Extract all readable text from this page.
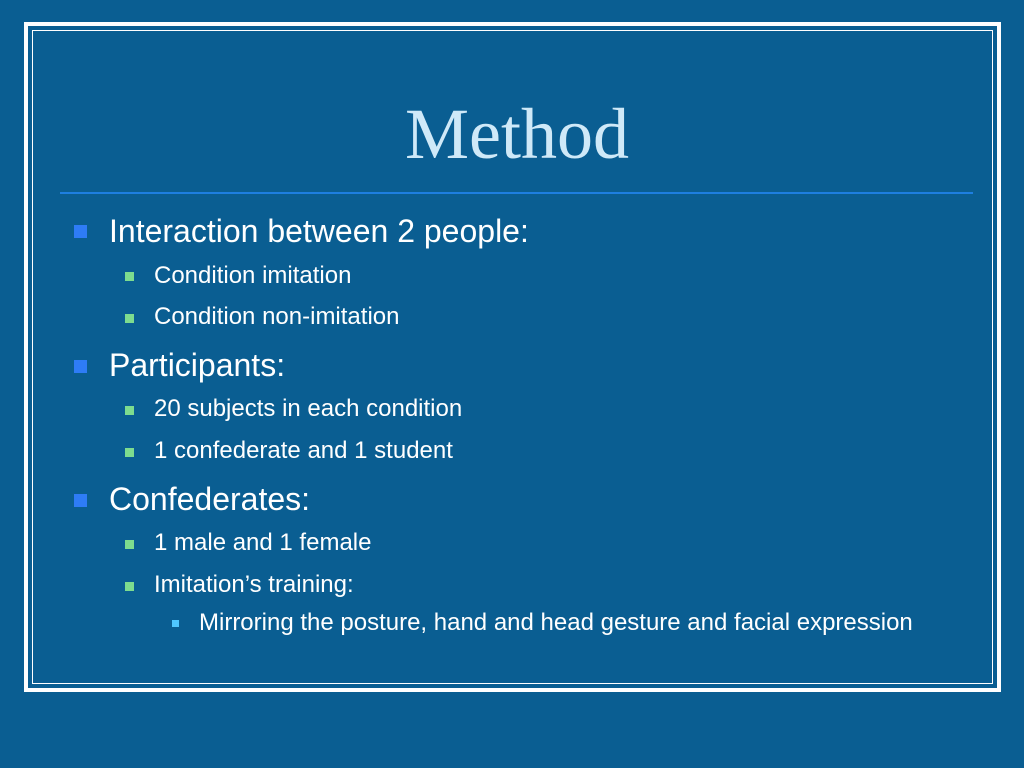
Method
Interaction between 2 people:
Condition imitation
Condition non-imitation
Participants:
20 subjects in each condition
1 confederate and 1 student
Confederates:
1 male and 1 female
Imitation’s training:
Mirroring the posture, hand and head gesture and facial expression
